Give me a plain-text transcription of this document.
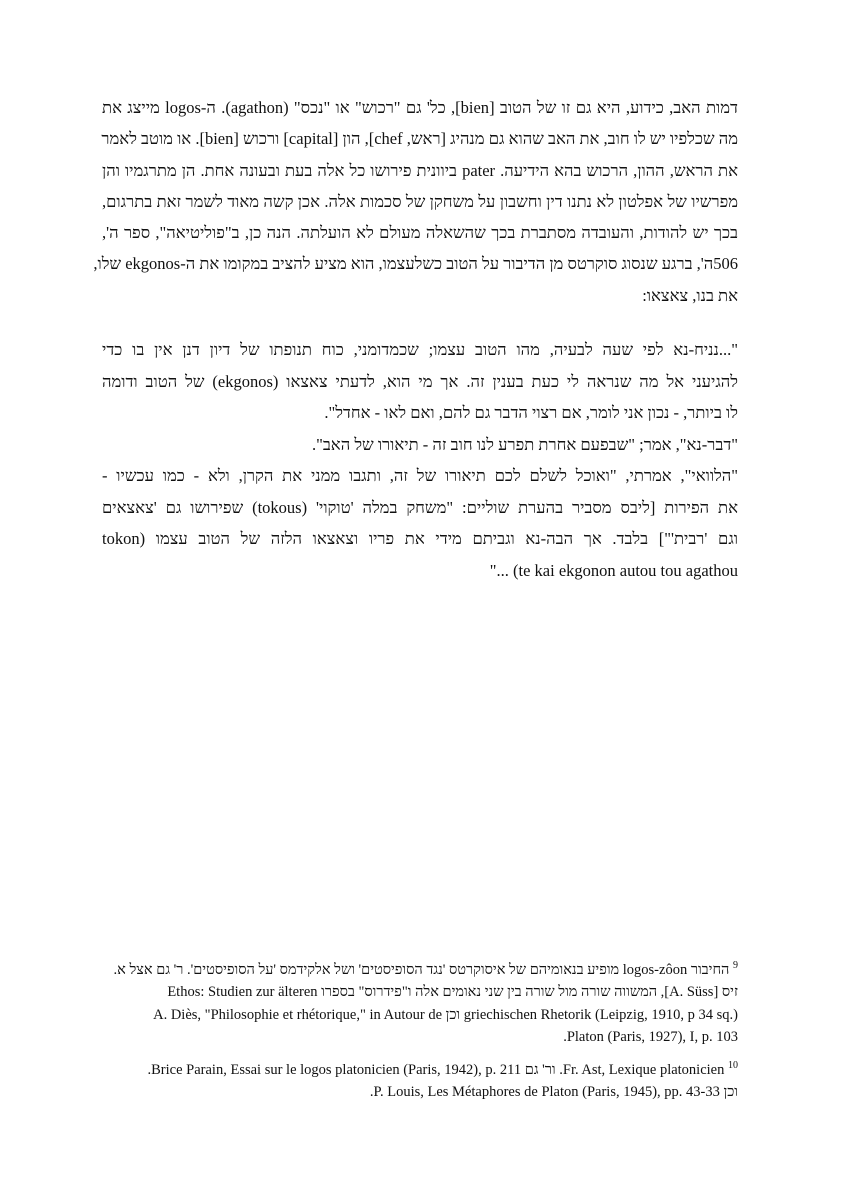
דמות האב, כידוע, היא גם זו של הטוב [bien], כל' גם "רכוש" או "נכס" (agathon). ה-logos מייצג את
מה שכלפיו יש לו חוב, את האב שהוא גם מנהיג [ראש, chef], הון [capital] ורכוש [bien]. או מוטב לאמר
את הראש, ההון, הרכוש בהא הידיעה. pater ביוונית פירושו כל אלה בעת ובעונה אחת. הן מתרגמיו והן
מפרשיו של אפלטון לא נתנו דין וחשבון על משחקן של סכמות אלה. אכן קשה מאוד לשמר זאת בתרגום,
בכך יש להודות, והעובדה מסתברת בכך שהשאלה מעולם לא הועלתה. הנה כן, ב"פוליטיאה", ספר ה',
506ה', ברגע שנסוג סוקרטס מן הדיבור על הטוב כשלעצמו, הוא מציע להציב במקומו את ה-ekgonos שלו,
את בנו, צאצאו:
"...נניח-נא לפי שעה לבעיה, מהו הטוב עצמו; שכמדומני, כוח תנופתו של דיון דנן אין בו כדי
להגיעני אל מה שנראה לי כעת בענין זה. אך מי הוא, לדעתי צאצאו (ekgonos) של הטוב ודומה
לו ביותר, - נכון אני לומר, אם רצוי הדבר גם להם, ואם לאו - אחדל".
"דבר-נא", אמר; "שבפעם אחרת תפרע לנו חוב זה - תיאורו של האב".
"הלוואי", אמרתי, "ואוכל לשלם לכם תיאורו של זה, ותגבו ממני את הקרן, ולא - כמו עכשיו -
את הפירות [ליבס מסביר בהערת שוליים: "משחק במלה 'טוקוי' (tokous) שפירושו גם 'צאצאים
וגם 'רבית'"] בלבד. אך הבה-נא וגביתם מידי את פריו וצאצאו הלזה של הטוב עצמו (tokon
te kai ekgonon autou tou agathou) ..."
$^9$ החיבור logos-zôon מופיע בנאומיהם של איסוקרטס 'נגד הסופיסטים' ושל אלקידמס 'על הסופיסטים'. ר' גם אצל א.
זיס [A. Süss], המשווה שורה מול שורה בין שני נאומים אלה ו"פידרוס" בספרו Ethos: Studien zur älteren
griechischen Rhetorik (Leipzig, 1910, p 34 sq.) וכן A. Diès, "Philosophie et rhétorique," in Autour de
Platon (Paris, 1927), I, p. 103.
$^{10}$ Fr. Ast, Lexique platonicien. ור' גם Brice Parain, Essai sur le logos platonicien (Paris, 1942), p. 211.
וכן P. Louis, Les Métaphores de Platon (Paris, 1945), pp. 43-33.
